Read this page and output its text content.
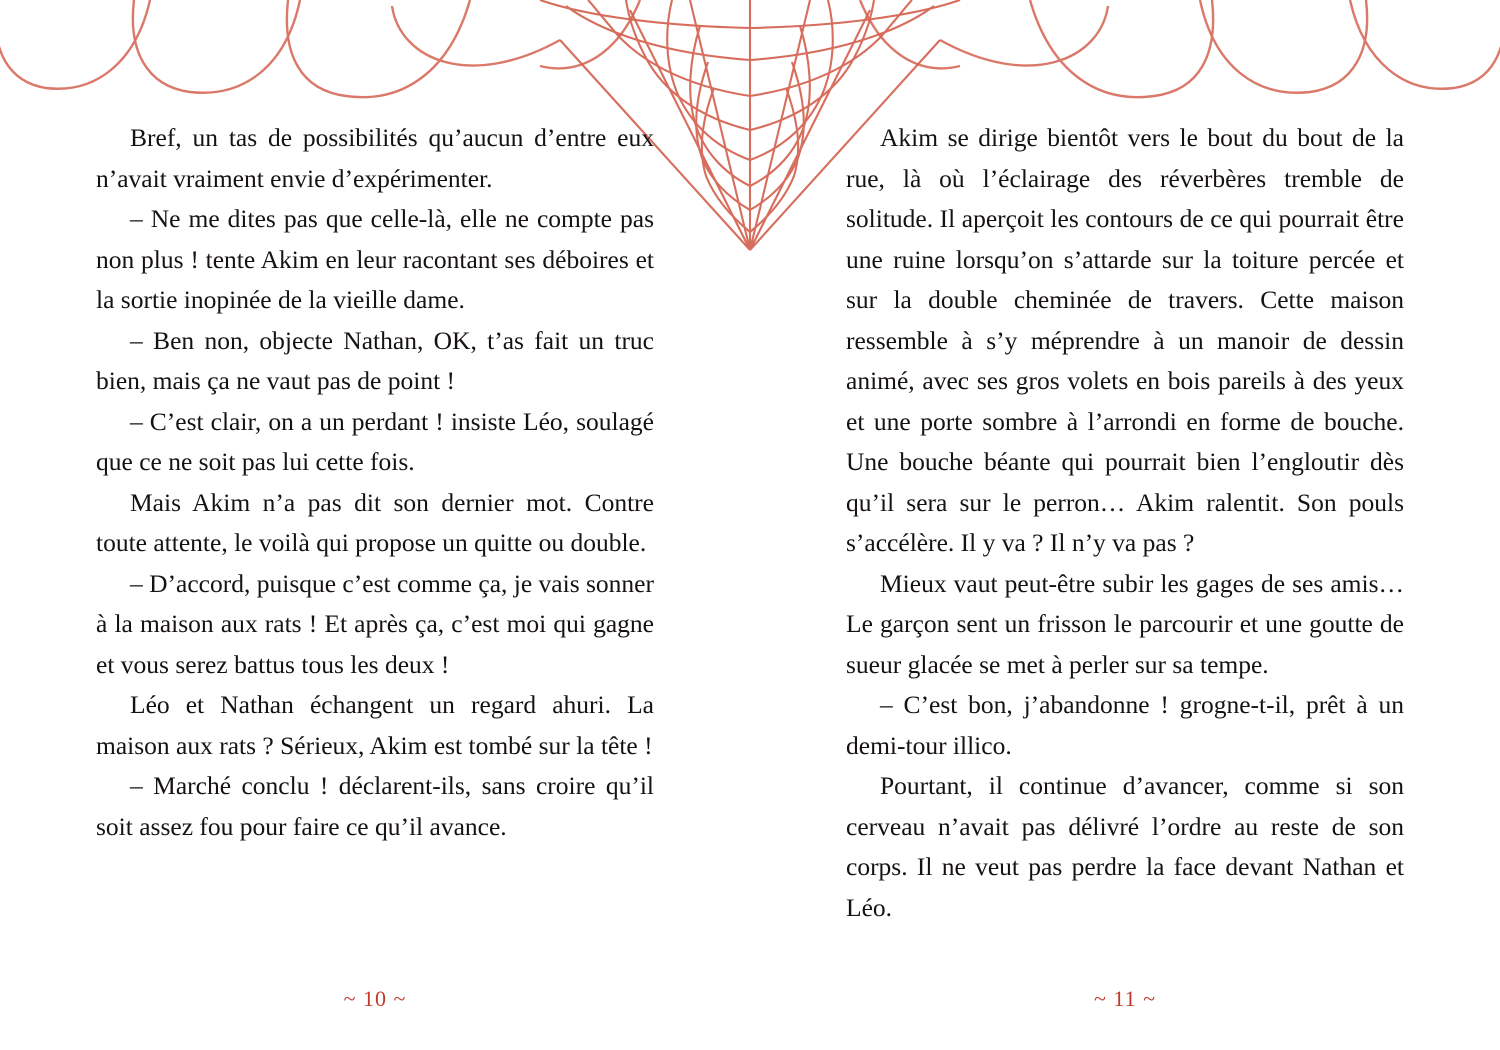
Bref, un tas de possibilités qu’aucun d’entre eux n’avait vraiment envie d’expérimenter.

– Ne me dites pas que celle-là, elle ne compte pas non plus ! tente Akim en leur racontant ses déboires et la sortie inopinée de la vieille dame.

– Ben non, objecte Nathan, OK, t’as fait un truc bien, mais ça ne vaut pas de point !

– C’est clair, on a un perdant ! insiste Léo, soulagé que ce ne soit pas lui cette fois.

Mais Akim n’a pas dit son dernier mot. Contre toute attente, le voilà qui propose un quitte ou double.

– D’accord, puisque c’est comme ça, je vais sonner à la maison aux rats ! Et après ça, c’est moi qui gagne et vous serez battus tous les deux !

Léo et Nathan échangent un regard ahuri. La maison aux rats ? Sérieux, Akim est tombé sur la tête !

– Marché conclu ! déclarent-ils, sans croire qu’il soit assez fou pour faire ce qu’il avance.

Akim se dirige bientôt vers le bout du bout de la rue, là où l’éclairage des réverbères tremble de solitude. Il aperçoit les contours de ce qui pourrait être une ruine lorsqu’on s’attarde sur la toiture percée et sur la double cheminée de travers. Cette maison ressemble à s’y méprendre à un manoir de dessin animé, avec ses gros volets en bois pareils à des yeux et une porte sombre à l’arrondi en forme de bouche. Une bouche béante qui pourrait bien l’engloutir dès qu’il sera sur le perron… Akim ralentit. Son pouls s’accélère. Il y va ? Il n’y va pas ?

Mieux vaut peut-être subir les gages de ses amis… Le garçon sent un frisson le parcourir et une goutte de sueur glacée se met à perler sur sa tempe.

– C’est bon, j’abandonne ! grogne-t-il, prêt à un demi-tour illico.

Pourtant, il continue d’avancer, comme si son cerveau n’avait pas délivré l’ordre au reste de son corps. Il ne veut pas perdre la face devant Nathan et Léo.

~ 10 ~	~ 11 ~
